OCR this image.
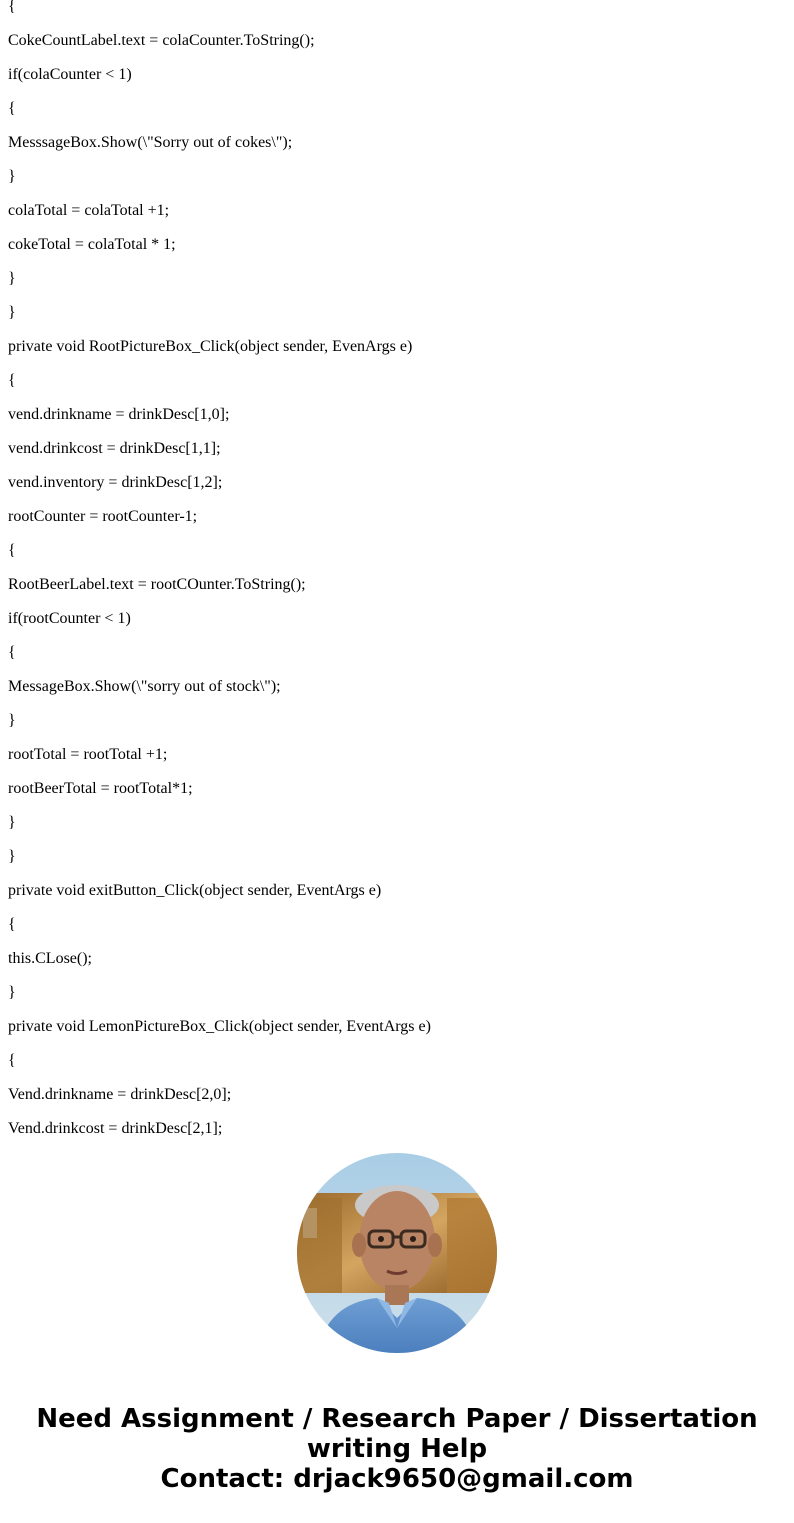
{

CokeCountLabel.text = colaCounter.ToString();

if(colaCounter < 1)

{

MesssageBox.Show(\"Sorry out of cokes\");

}

colaTotal = colaTotal +1;

cokeTotal = colaTotal * 1;

}

}

private void RootPictureBox_Click(object sender, EvenArgs e)

{

vend.drinkname = drinkDesc[1,0];

vend.drinkcost = drinkDesc[1,1];

vend.inventory = drinkDesc[1,2];

rootCounter = rootCounter-1;

{

RootBeerLabel.text = rootCOunter.ToString();

if(rootCounter < 1)

{

MessageBox.Show(\"sorry out of stock\");

}

rootTotal = rootTotal +1;

rootBeerTotal = rootTotal*1;

}

}

private void exitButton_Click(object sender, EventArgs e)

{

this.CLose();

}

private void LemonPictureBox_Click(object sender, EventArgs e)

{

Vend.drinkname = drinkDesc[2,0];

Vend.drinkcost = drinkDesc[2,1];

Need Assignment / Research Paper / Dissertation
writing Help
Contact: drjack9650@gmail.com
